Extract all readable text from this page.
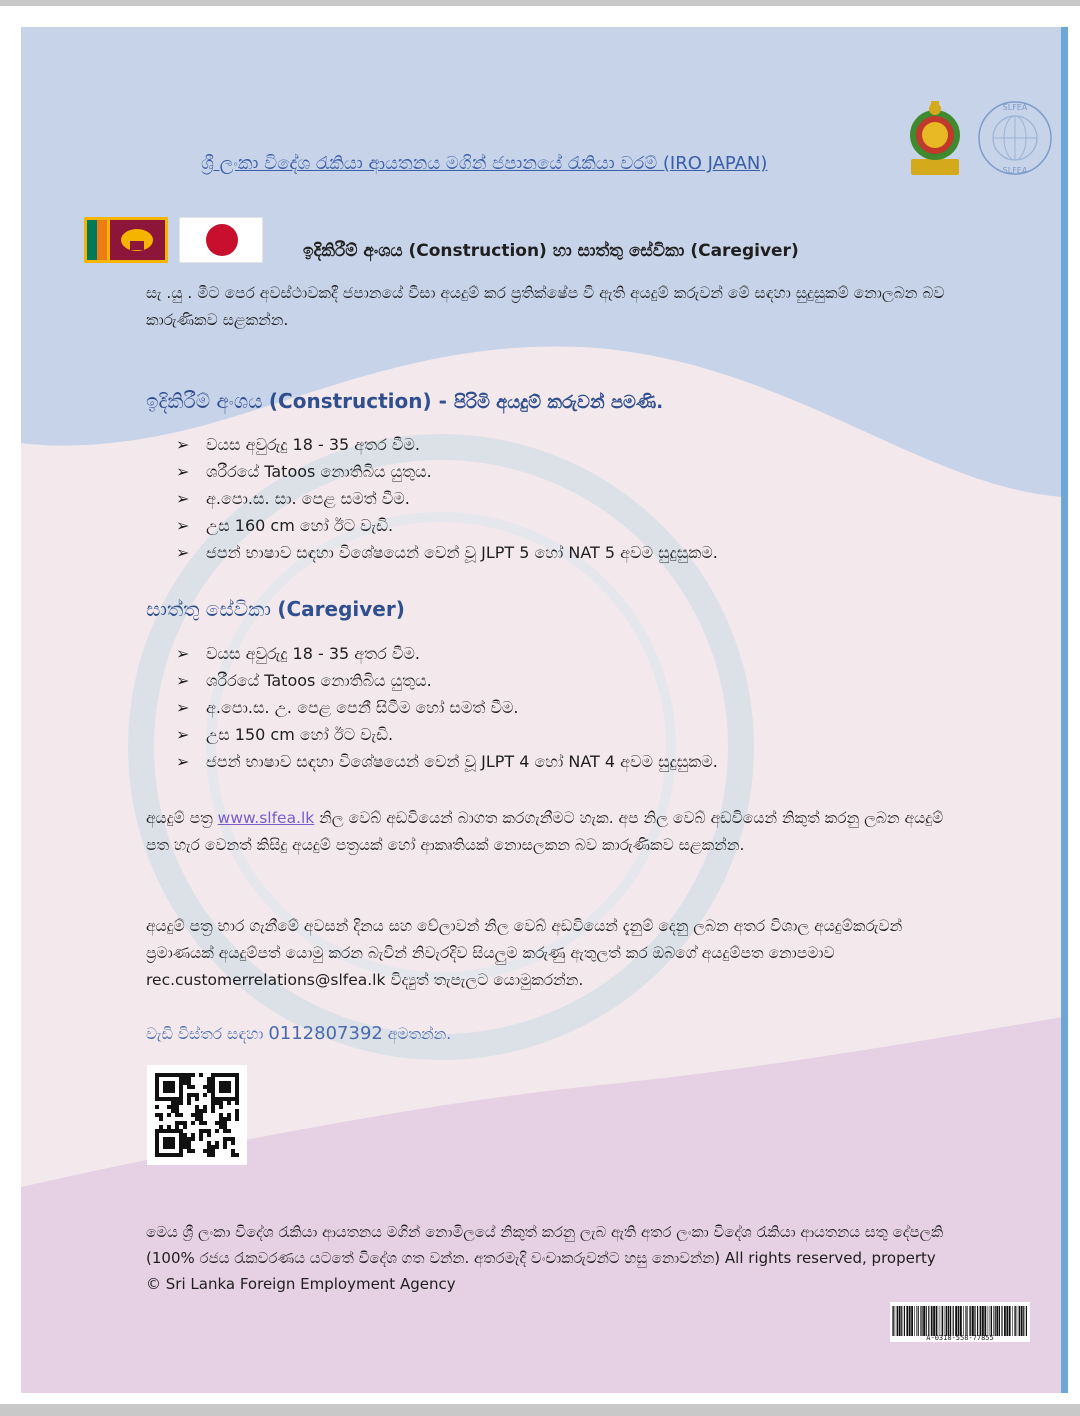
ශ්‍රී ලංකා විදේශ රැකියා ආයතනය මගින් ජපානයේ රැකියා වරම් (IRO JAPAN)
SLFEA
SLFEA
ඉදිකිරීම් අංශය (Construction) හා සාත්තු සේවිකා (Caregiver)
සැ .යු . මීට පෙර අවස්ථාවකදී ජපානයේ වීසා අයදුම් කර ප්‍රතික්ෂේප වී ඇති අයදුම් කරුවන් මේ සඳහා සුදුසුකම් නොලබන බව කාරුණිකව සළකන්න.
ඉදිකිරීම් අංශය (Construction) - පිරිමි අයදුම් කරුවන් පමණි.
➢ වයස අවුරුදු 18 - 35 අතර වීම.
➢ ශරීරයේ Tatoos නොතිබිය යුතුය.
➢ අ.පො.ස. සා. පෙළ සමත් වීම.
➢ උස 160 cm හෝ ඊට වැඩි.
➢ ජපන් භාෂාව සඳහා විශේෂයෙන් වෙන් වූ JLPT 5 හෝ NAT 5 අවම සුදුසුකම.
සාත්තු සේවිකා (Caregiver)
➢ වයස අවුරුදු 18 - 35 අතර වීම.
➢ ශරීරයේ Tatoos නොතිබිය යුතුය.
➢ අ.පො.ස. උ. පෙළ පෙනී සිටීම හෝ සමත් වීම.
➢ උස 150 cm හෝ ඊට වැඩි.
➢ ජපන් භාෂාව සඳහා විශේෂයෙන් වෙන් වූ JLPT 4 හෝ NAT 4 අවම සුදුසුකම.
අයදුම් පත්‍ර www.slfea.lk නිල වෙබ් අඩවියෙන් බාගත කරගැනීමට හැක. අප නිල වෙබ් අඩවියෙන් නිකුත් කරනු ලබන අයදුම් පත හැර වෙනත් කිසිදු අයදුම් පත්‍රයක් හෝ ආකෘතියක් නොසලකන බව කාරුණිකව සළකන්න.
අයදුම් පත්‍ර භාර ගැනීමේ අවසන් දිනය සහ වේලාවන් නිල වෙබ් අඩවියෙන් දැනුම් දෙනු ලබන අතර විශාල අයදුම්කරුවන් ප්‍රමාණයක් අයදුම්පත් යොමු කරන බැවින් නිවැරදිව සියලුම කරුණු ඇතුලත් කර ඔබගේ අයදුම්පත නොපමාව rec.customerrelations@slfea.lk විද්‍යුත් තැපැලට යොමුකරන්න.
වැඩි විස්තර සඳහා 0112807392 අමතන්න.
මෙය ශ්‍රී ලංකා විදේශ රැකියා ආයතනය මගින් නොමිලයේ නිකුත් කරනු ලැබ ඇති අතර ලංකා විදේශ රැකියා ආයතනය සතු දේපලකි (100% රජය රැකවරණය යටතේ විදේශ ගත වන්න. අතරමැදි වංචාකරුවන්ට හසු නොවන්න) All rights reserved, property © Sri Lanka Foreign Employment Agency
A-0318-558-77855
